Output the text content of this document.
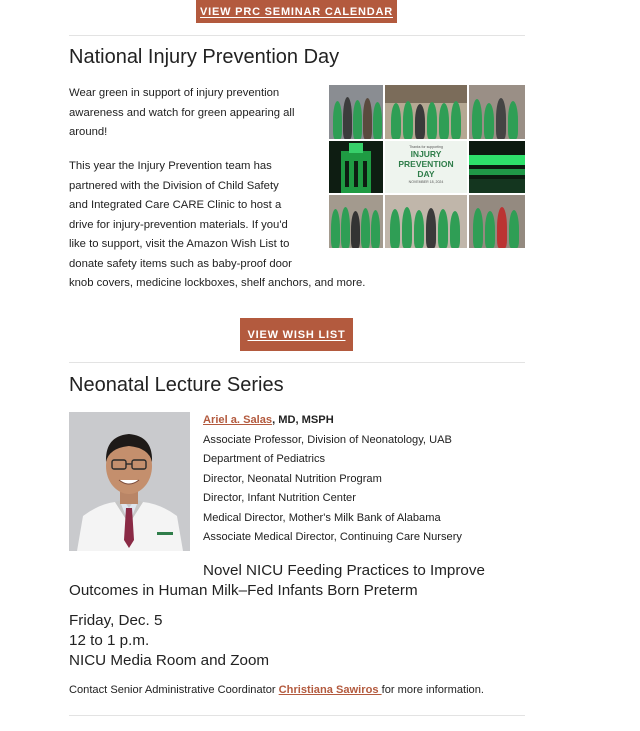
VIEW PRC SEMINAR CALENDAR
National Injury Prevention Day
Wear green in support of injury prevention
awareness and watch for green appearing all
around!
This year the Injury Prevention team has
partnered with the Division of Child Safety
and Integrated Care CARE Clinic to host a
drive for injury-prevention materials. If you'd
like to support, visit the Amazon Wish List to
donate safety items such as baby-proof door
knob covers, medicine lockboxes, shelf anchors, and more.
Thanks for supporting
INJURY
PREVENTION
DAY
NOVEMBER 18, 2024
VIEW WISH LIST
Neonatal Lecture Series
Ariel a. Salas, MD, MSPH
Associate Professor, Division of Neonatology, UAB
Department of Pediatrics
Director, Neonatal Nutrition Program
Director, Infant Nutrition Center
Medical Director, Mother's Milk Bank of Alabama
Associate Medical Director, Continuing Care Nursery
Novel NICU Feeding Practices to Improve
Outcomes in Human Milk–Fed Infants Born Preterm
Friday, Dec. 5
12 to 1 p.m.
NICU Media Room and Zoom
Contact Senior Administrative Coordinator Christiana Sawiros for more information.
